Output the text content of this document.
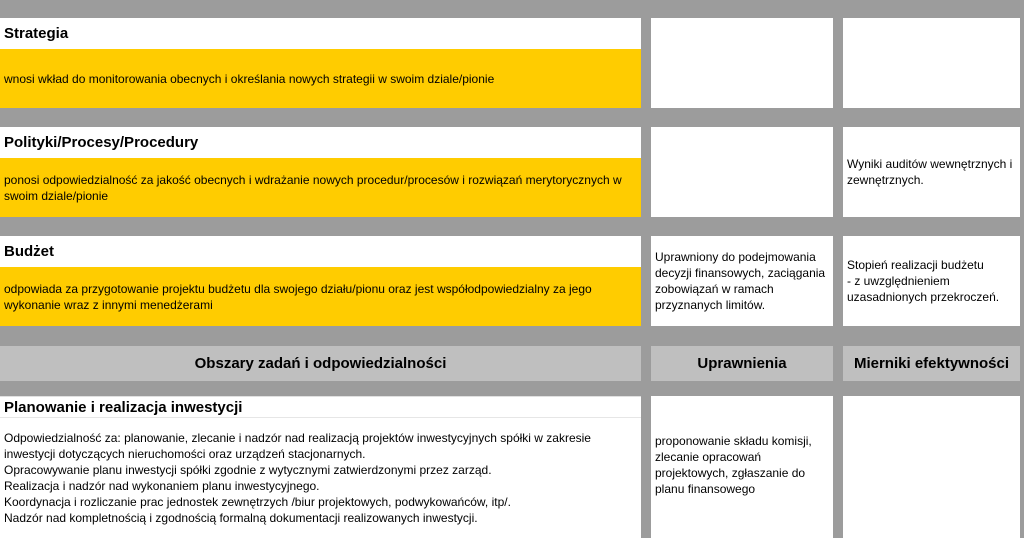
Strategia
wnosi wkład do monitorowania obecnych i określania nowych strategii w swoim dziale/pionie
Polityki/Procesy/Procedury
ponosi odpowiedzialność za jakość obecnych i wdrażanie nowych procedur/procesów i rozwiązań merytorycznych w swoim dziale/pionie
Wyniki auditów wewnętrznych i zewnętrznych.
Budżet
odpowiada za przygotowanie projektu budżetu dla swojego działu/pionu oraz jest współodpowiedzialny za jego wykonanie wraz z innymi menedżerami
Uprawniony do podejmowania decyzji finansowych, zaciągania zobowiązań w ramach przyznanych limitów.
Stopień realizacji budżetu
- z uwzględnieniem uzasadnionych przekroczeń.
Obszary zadań i odpowiedzialności	Uprawnienia	Mierniki efektywności
Planowanie i realizacja inwestycji
Odpowiedzialność za: planowanie, zlecanie i nadzór nad realizacją projektów inwestycyjnych spółki w zakresie inwestycji dotyczących nieruchomości oraz urządzeń stacjonarnych.
Opracowywanie planu inwestycji spółki zgodnie z wytycznymi zatwierdzonymi przez zarząd.
Realizacja i nadzór nad wykonaniem planu inwestycyjnego.
Koordynacja i rozliczanie prac jednostek zewnętrzych /biur projektowych, podwykowańców, itp/.
Nadzór nad kompletnością i zgodnością formalną dokumentacji realizowanych inwestycji.
proponowanie składu komisji, zlecanie opracowań projektowych, zgłaszanie do planu finansowego
